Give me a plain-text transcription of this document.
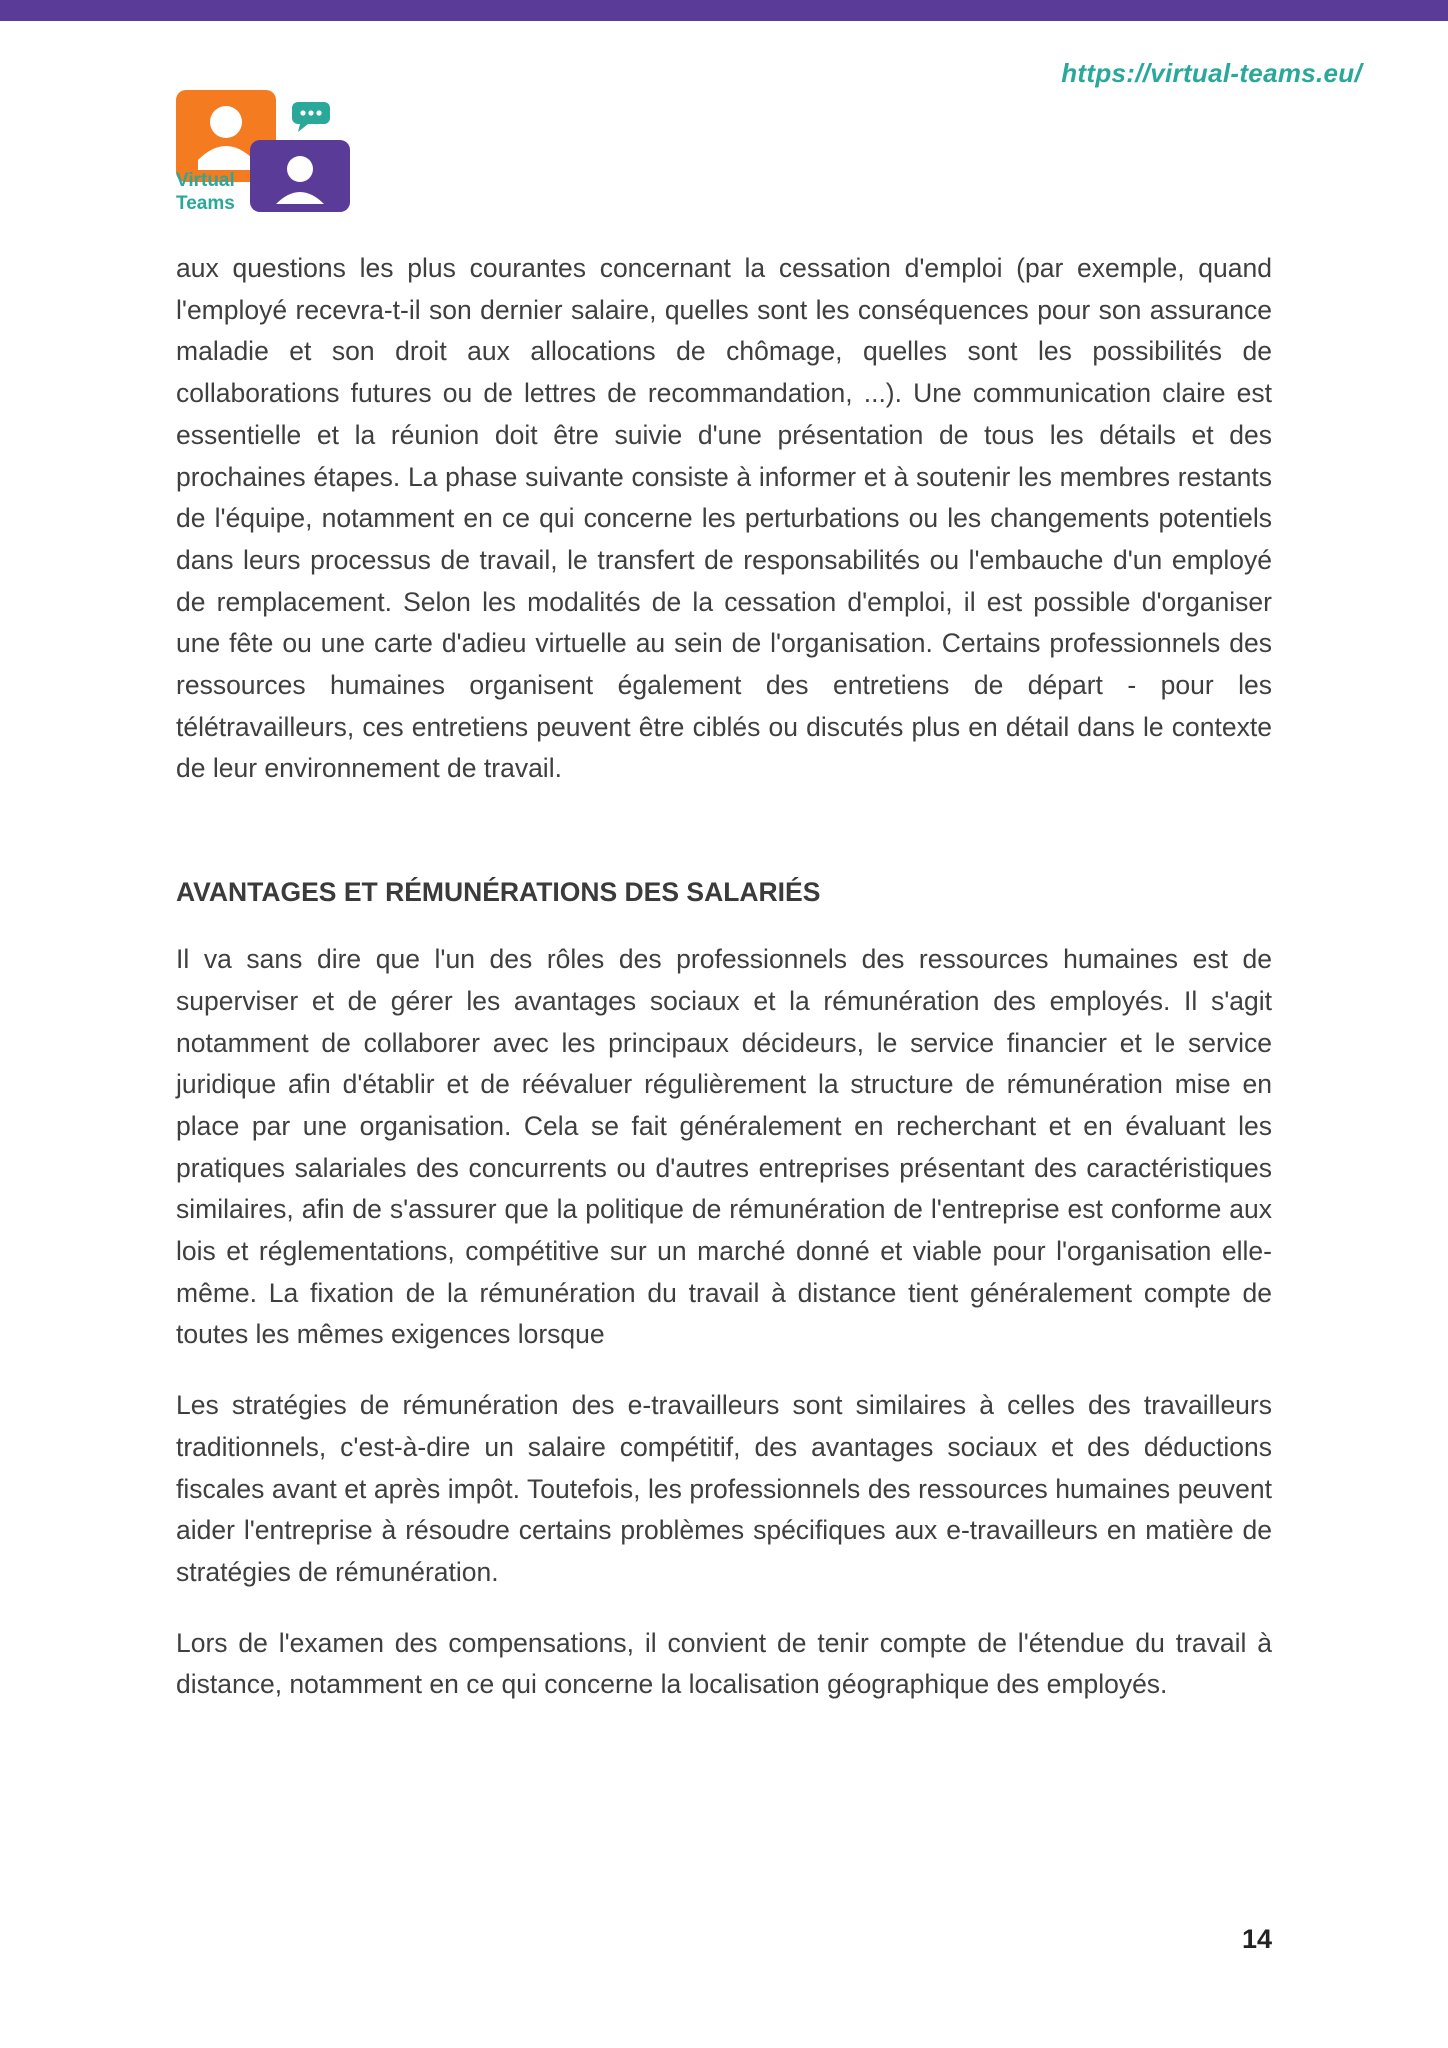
https://virtual-teams.eu/
Virtual
Teams

aux questions les plus courantes concernant la cessation d'emploi (par exemple, quand l'employé recevra-t-il son dernier salaire, quelles sont les conséquences pour son assurance maladie et son droit aux allocations de chômage, quelles sont les possibilités de collaborations futures ou de lettres de recommandation, ...). Une communication claire est essentielle et la réunion doit être suivie d'une présentation de tous les détails et des prochaines étapes. La phase suivante consiste à informer et à soutenir les membres restants de l'équipe, notamment en ce qui concerne les perturbations ou les changements potentiels dans leurs processus de travail, le transfert de responsabilités ou l'embauche d'un employé de remplacement. Selon les modalités de la cessation d'emploi, il est possible d'organiser une fête ou une carte d'adieu virtuelle au sein de l'organisation. Certains professionnels des ressources humaines organisent également des entretiens de départ - pour les télétravailleurs, ces entretiens peuvent être ciblés ou discutés plus en détail dans le contexte de leur environnement de travail.

AVANTAGES ET RÉMUNÉRATIONS DES SALARIÉS

Il va sans dire que l'un des rôles des professionnels des ressources humaines est de superviser et de gérer les avantages sociaux et la rémunération des employés. Il s'agit notamment de collaborer avec les principaux décideurs, le service financier et le service juridique afin d'établir et de réévaluer régulièrement la structure de rémunération mise en place par une organisation. Cela se fait généralement en recherchant et en évaluant les pratiques salariales des concurrents ou d'autres entreprises présentant des caractéristiques similaires, afin de s'assurer que la politique de rémunération de l'entreprise est conforme aux lois et réglementations, compétitive sur un marché donné et viable pour l'organisation elle-même. La fixation de la rémunération du travail à distance tient généralement compte de toutes les mêmes exigences lorsque

Les stratégies de rémunération des e-travailleurs sont similaires à celles des travailleurs traditionnels, c'est-à-dire un salaire compétitif, des avantages sociaux et des déductions fiscales avant et après impôt. Toutefois, les professionnels des ressources humaines peuvent aider l'entreprise à résoudre certains problèmes spécifiques aux e-travailleurs en matière de stratégies de rémunération.

Lors de l'examen des compensations, il convient de tenir compte de l'étendue du travail à distance, notamment en ce qui concerne la localisation géographique des employés.

14
